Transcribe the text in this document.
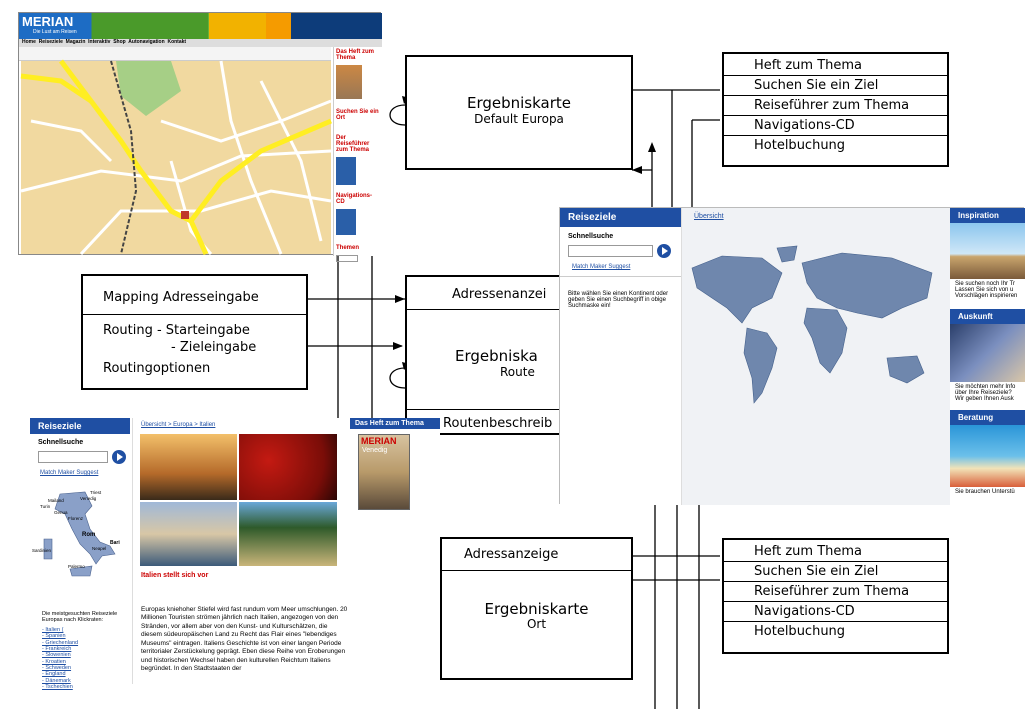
MERIAN
Die Lust am Reisen
Home Reiseziele Magazin Interaktiv Shop Autonavigation Kontakt
Das Heft zum Thema
Suchen Sie ein Ort
Der Reiseführer zum Thema
Navigations-CD
Themen
Ergebniskarte
Default Europa
Heft zum Thema
Suchen Sie ein Ziel
Reiseführer zum Thema
Navigations-CD
Hotelbuchung
Mapping Adresseingabe
Routing - Starteingabe
- Zieleingabe
Routingoptionen
Adressenanzei
Ergebniska
Route
Routenbeschreib
Reiseziele
Schnellsuche

Match Maker Suggest
Bitte wählen Sie einen Kontinent oder geben Sie einen Suchbegriff in obige Suchmaske ein!
Übersicht	Inspiration
Sie suchen noch Ihr Tr Lassen Sie sich von u Vorschlägen inspirieren
Auskunft
Sie möchten mehr Info über Ihre Reiseziele? Wir geben Ihnen Ausk
Beratung
Sie brauchen Unterstü
Reiseziele
Schnellsuche

Match Maker Suggest
Mailand	Venedig
Triest
Turin
Genua
Florenz
Rom
Neapel
Bari
Palermo
Sardinien
Die meistgesuchten Reiseziele Europas nach Klickraten:
- Italien (
- Spanien
- Griechenland
- Frankreich
- Slowenien
- Kroatien
- Schweden
- England
- Dänemark
- Tschechien
Übersicht > Europa > Italien
Italien stellt sich vor
Europas kniehoher Stiefel wird fast rundum vom Meer umschlungen. 20 Millionen Touristen strömen jährlich nach Italien, angezogen von den Stränden, vor allem aber von den Kunst- und Kulturschätzen, die diesem südeuropäischen Land zu Recht das Flair eines "lebendiges Museums" eintragen. Italiens Geschichte ist von einer langen Periode territorialer Zerstückelung geprägt. Eben diese Reihe von Eroberungen und historischen Wechsel haben den kulturellen Reichtum Italiens begründet. In den Stadtstaaten der
Das Heft zum Thema
MERIAN
Venedig
Adressanzeige
Ergebniskarte
Ort
Heft zum Thema
Suchen Sie ein Ziel
Reiseführer zum Thema
Navigations-CD
Hotelbuchung
